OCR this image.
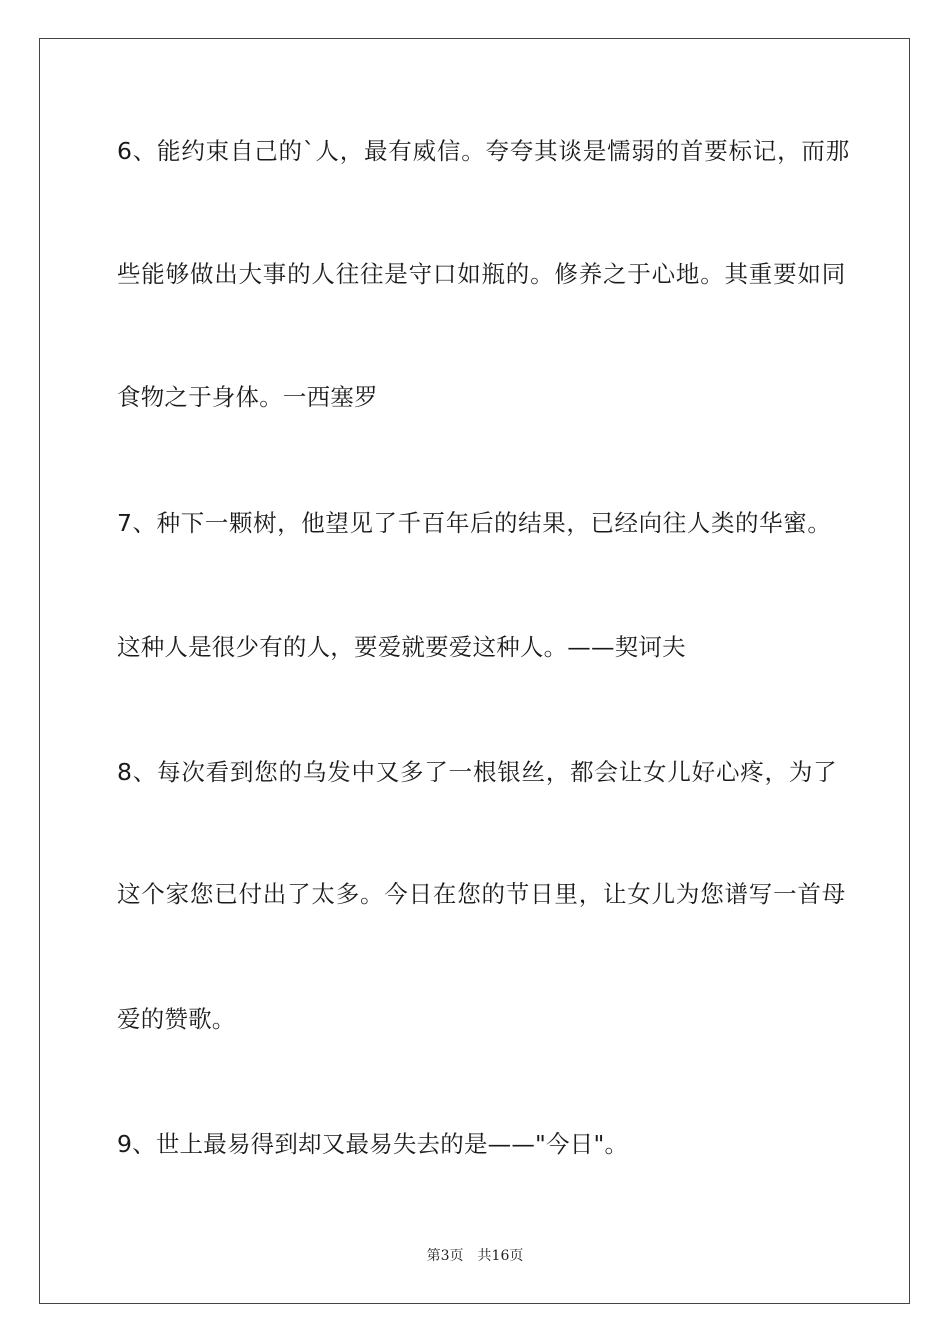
6、能约束自己的`人，最有威信。夸夸其谈是懦弱的首要标记，而那
些能够做出大事的人往往是守口如瓶的。修养之于心地。其重要如同
食物之于身体。一西塞罗
7、种下一颗树，他望见了千百年后的结果，已经向往人类的华蜜。
这种人是很少有的人，要爱就要爱这种人。——契诃夫
8、每次看到您的乌发中又多了一根银丝，都会让女儿好心疼，为了
这个家您已付出了太多。今日在您的节日里，让女儿为您谱写一首母
爱的赞歌。
9、世上最易得到却又最易失去的是——"今日"。
第3页 共16页
